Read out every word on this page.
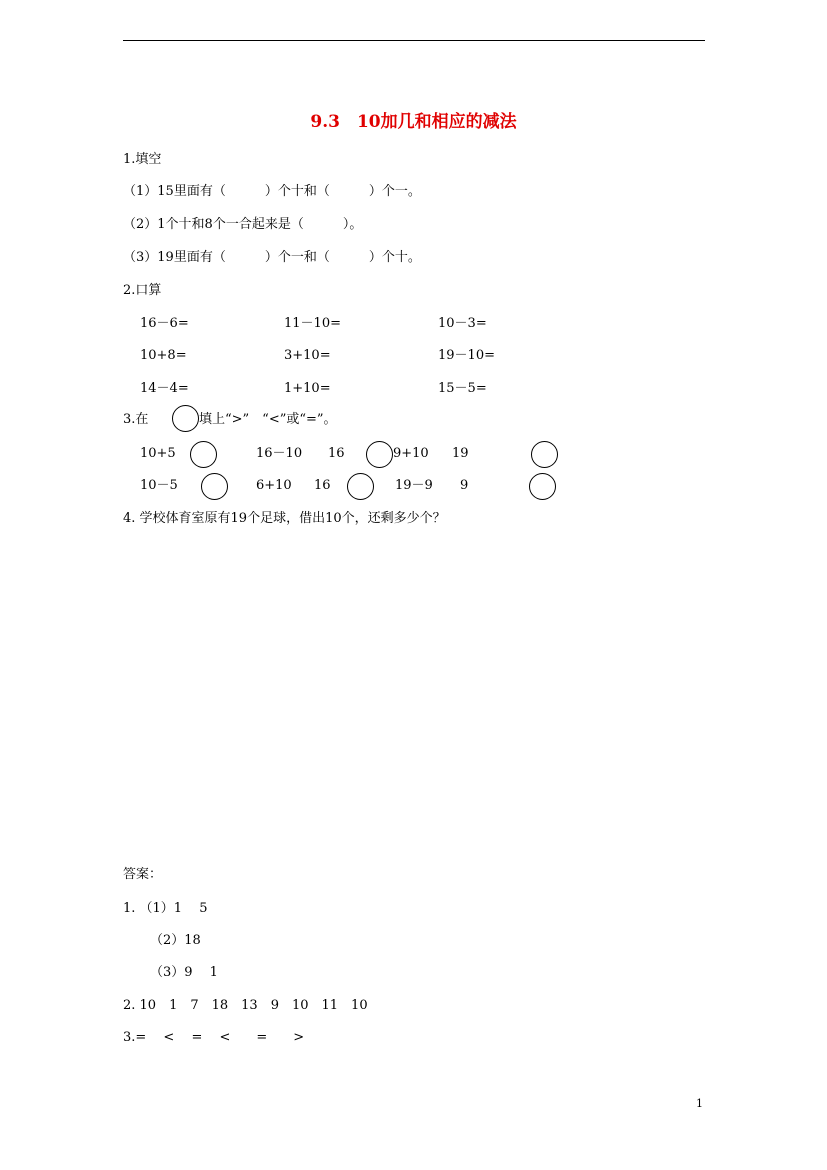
9.3　10加几和相应的减法
1.填空
（1）15里面有（　　　）个十和（　　　）个一。
（2）1个十和8个一合起来是（　　　）。
（3）19里面有（　　　）个一和（　　　）个十。
2.口算
16－6=	11－10=	10－3=
10+8=	3+10=	19－10=
14－4=	1+10=	15－5=
3.在	填上“>”　“<”或“=”。
10+5	16－10 16	9+10 19
10－5	6+10 16	19－9 9
4. 学校体育室原有19个足球，借出10个，还剩多少个？
答案：
1. （1）1　 5
（2）18
（3）9　 1
2. 10　1　7　18　13　9　10　11　10
3.=　 <　 =　 <　　=　　>
1
